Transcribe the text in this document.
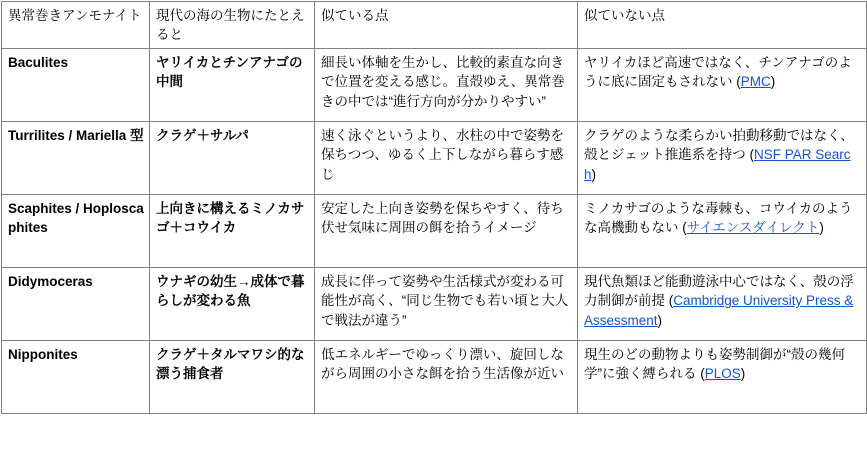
異常巻きアンモナイト	現代の海の生物にたとえると	似ている点	似ていない点
Baculites	ヤリイカとチンアナゴの中間	細長い体軸を生かし、比較的素直な向きで位置を変える感じ。直殻ゆえ、異常巻きの中では“進行方向が分かりやすい”	ヤリイカほど高速ではなく、チンアナゴのように底に固定もされない (PMC)

Turrilites / Mariella 型	クラゲ＋サルパ	速く泳ぐというより、水柱の中で姿勢を保ちつつ、ゆるく上下しながら暮らす感じ	クラゲのような柔らかい拍動移動ではなく、殻とジェット推進系を持つ (NSF PAR Search)

Scaphites / Hoploscaphites	上向きに構えるミノカサゴ＋コウイカ	安定した上向き姿勢を保ちやすく、待ち伏せ気味に周囲の餌を拾うイメージ	ミノカサゴのような毒棘も、コウイカのような高機動もない (サイエンスダイレクト)

Didymoceras	ウナギの幼生→成体で暮らしが変わる魚	成長に伴って姿勢や生活様式が変わる可能性が高く、“同じ生物でも若い頃と大人で戦法が違う”	現代魚類ほど能動遊泳中心ではなく、殻の浮力制御が前提 (Cambridge University Press & Assessment)

Nipponites	クラゲ＋タルマワシ的な漂う捕食者	低エネルギーでゆっくり漂い、旋回しながら周囲の小さな餌を拾う生活像が近い	現生のどの動物よりも姿勢制御が“殻の幾何学”に強く縛られる (PLOS)
